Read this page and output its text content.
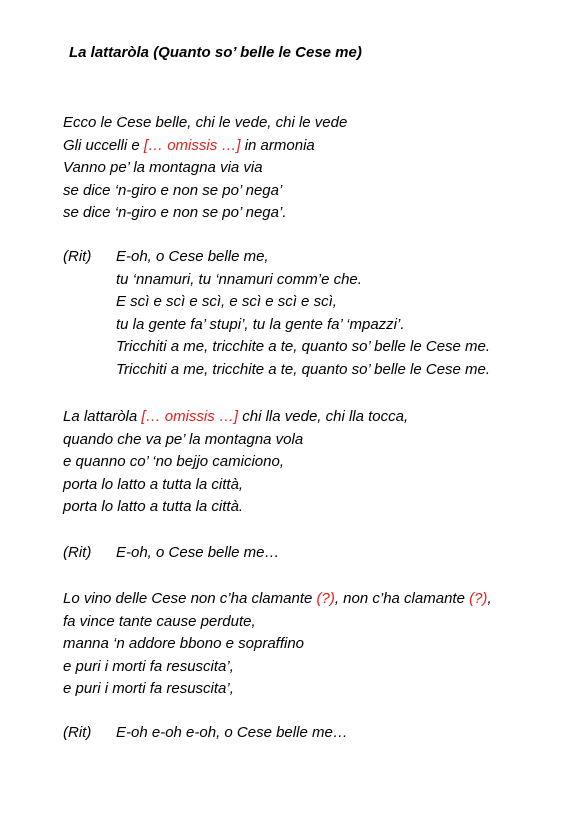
La lattaròla (Quanto so’ belle le Cese me)
Ecco le Cese belle, chi le vede, chi le vede
Gli uccelli e [… omissis …] in armonia
Vanno pe’ la montagna via via
se dice ‘n-giro e non se po’ nega’
se dice ‘n-giro e non se po’ nega’.
(Rit) E-oh, o Cese belle me,
tu ‘nnamuri, tu ‘nnamuri comm’e che.
E scì e scì e scì, e scì e scì e scì,
tu la gente fa’ stupi’, tu la gente fa’ ‘mpazzi’.
Tricchiti a me, tricchite a te, quanto so’ belle le Cese me.
Tricchiti a me, tricchite a te, quanto so’ belle le Cese me.
La lattaròla [… omissis …] chi lla vede, chi lla tocca,
quando che va pe’ la montagna vola
e quanno co’ ‘no bejjo camiciono,
porta lo latto a tutta la città,
porta lo latto a tutta la città.
(Rit) E-oh, o Cese belle me…
Lo vino delle Cese non c’ha clamante (?), non c’ha clamante (?),
fa vince tante cause perdute,
manna ‘n addore bbono e sopraffino
e puri i morti fa resuscita’,
e puri i morti fa resuscita’,
(Rit) E-oh e-oh e-oh, o Cese belle me…
